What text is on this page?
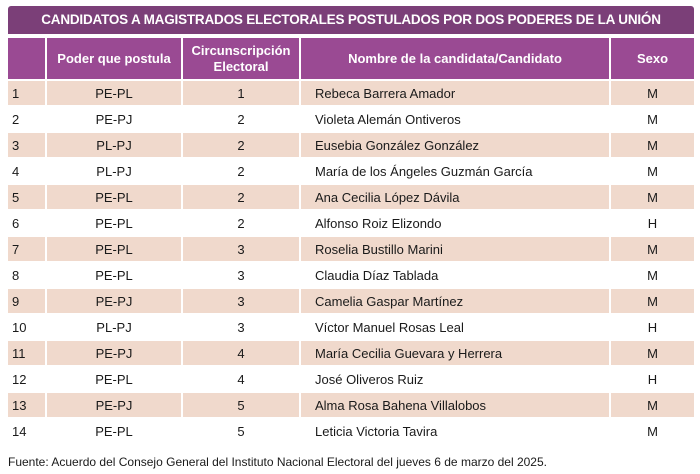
CANDIDATOS A MAGISTRADOS ELECTORALES POSTULADOS POR DOS PODERES DE LA UNIÓN
	Poder que postula	Circunscripción Electoral	Nombre de la candidata/Candidato	Sexo
1	PE-PL	1	Rebeca Barrera Amador	M
2	PE-PJ	2	Violeta Alemán Ontiveros	M
3	PL-PJ	2	Eusebia González González	M
4	PL-PJ	2	María de los Ángeles Guzmán García	M
5	PE-PL	2	Ana Cecilia López Dávila	M
6	PE-PL	2	Alfonso Roiz Elizondo	H
7	PE-PL	3	Roselia Bustillo Marini	M
8	PE-PL	3	Claudia Díaz Tablada	M
9	PE-PJ	3	Camelia Gaspar Martínez	M
10	PL-PJ	3	Víctor Manuel Rosas Leal	H
11	PE-PJ	4	María Cecilia Guevara y Herrera	M
12	PE-PL	4	José Oliveros Ruiz	H
13	PE-PJ	5	Alma Rosa Bahena Villalobos	M
14	PE-PL	5	Leticia Victoria Tavira	M
Fuente: Acuerdo del Consejo General del Instituto Nacional Electoral del jueves 6 de marzo del 2025.
